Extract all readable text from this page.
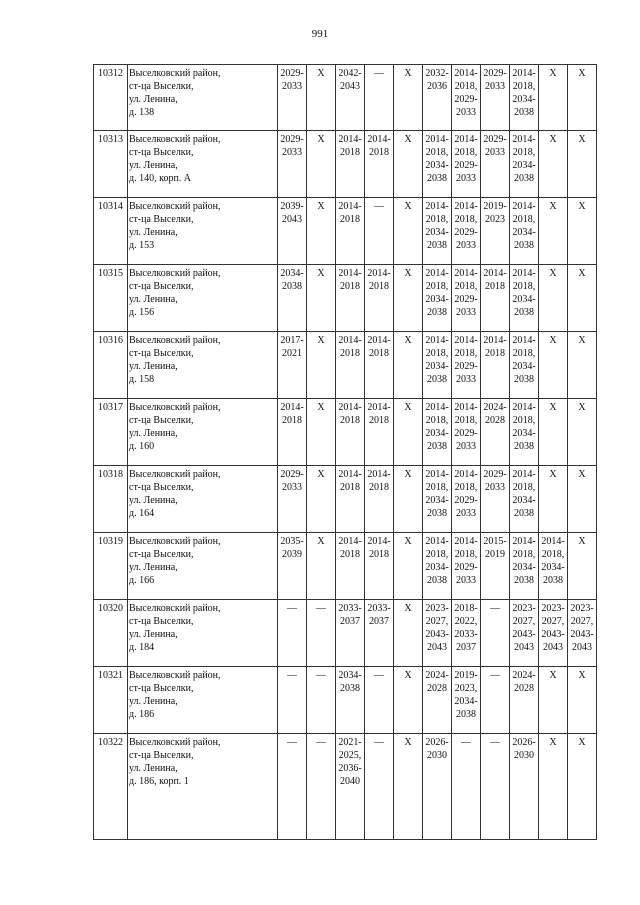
991
10312	Выселковский район,
ст-ца Выселки,
ул. Ленина,
д. 138	2029-
2033	Х	2042-
2043	—	Х	2032-
2036	2014-
2018,
2029-
2033	2029-
2033	2014-
2018,
2034-
2038	Х	Х

10313	Выселковский район,
ст-ца Выселки,
ул. Ленина,
д. 140, корп. А	2029-
2033	Х	2014-
2018	2014-
2018	Х	2014-
2018,
2034-
2038	2014-
2018,
2029-
2033	2029-
2033	2014-
2018,
2034-
2038	Х	Х

10314	Выселковский район,
ст-ца Выселки,
ул. Ленина,
д. 153	2039-
2043	Х	2014-
2018	—	Х	2014-
2018,
2034-
2038	2014-
2018,
2029-
2033	2019-
2023	2014-
2018,
2034-
2038	Х	Х

10315	Выселковский район,
ст-ца Выселки,
ул. Ленина,
д. 156	2034-
2038	Х	2014-
2018	2014-
2018	Х	2014-
2018,
2034-
2038	2014-
2018,
2029-
2033	2014-
2018	2014-
2018,
2034-
2038	Х	Х

10316	Выселковский район,
ст-ца Выселки,
ул. Ленина,
д. 158	2017-
2021	Х	2014-
2018	2014-
2018	Х	2014-
2018,
2034-
2038	2014-
2018,
2029-
2033	2014-
2018	2014-
2018,
2034-
2038	Х	Х

10317	Выселковский район,
ст-ца Выселки,
ул. Ленина,
д. 160	2014-
2018	Х	2014-
2018	2014-
2018	Х	2014-
2018,
2034-
2038	2014-
2018,
2029-
2033	2024-
2028	2014-
2018,
2034-
2038	Х	Х

10318	Выселковский район,
ст-ца Выселки,
ул. Ленина,
д. 164	2029-
2033	Х	2014-
2018	2014-
2018	Х	2014-
2018,
2034-
2038	2014-
2018,
2029-
2033	2029-
2033	2014-
2018,
2034-
2038	Х	Х

10319	Выселковский район,
ст-ца Выселки,
ул. Ленина,
д. 166	2035-
2039	Х	2014-
2018	2014-
2018	Х	2014-
2018,
2034-
2038	2014-
2018,
2029-
2033	2015-
2019	2014-
2018,
2034-
2038	2014-
2018,
2034-
2038	Х

10320	Выселковский район,
ст-ца Выселки,
ул. Ленина,
д. 184	—	—	2033-
2037	2033-
2037	Х	2023-
2027,
2043-
2043	2018-
2022,
2033-
2037	—	2023-
2027,
2043-
2043	2023-
2027,
2043-
2043	2023-
2027,
2043-
2043

10321	Выселковский район,
ст-ца Выселки,
ул. Ленина,
д. 186	—	—	2034-
2038	—	Х	2024-
2028	2019-
2023,
2034-
2038	—	2024-
2028	Х	Х

10322	Выселковский район,
ст-ца Выселки,
ул. Ленина,
д. 186, корп. 1	—	—	2021-
2025,
2036-
2040	—	Х	2026-
2030	—	—	2026-
2030	Х	Х
